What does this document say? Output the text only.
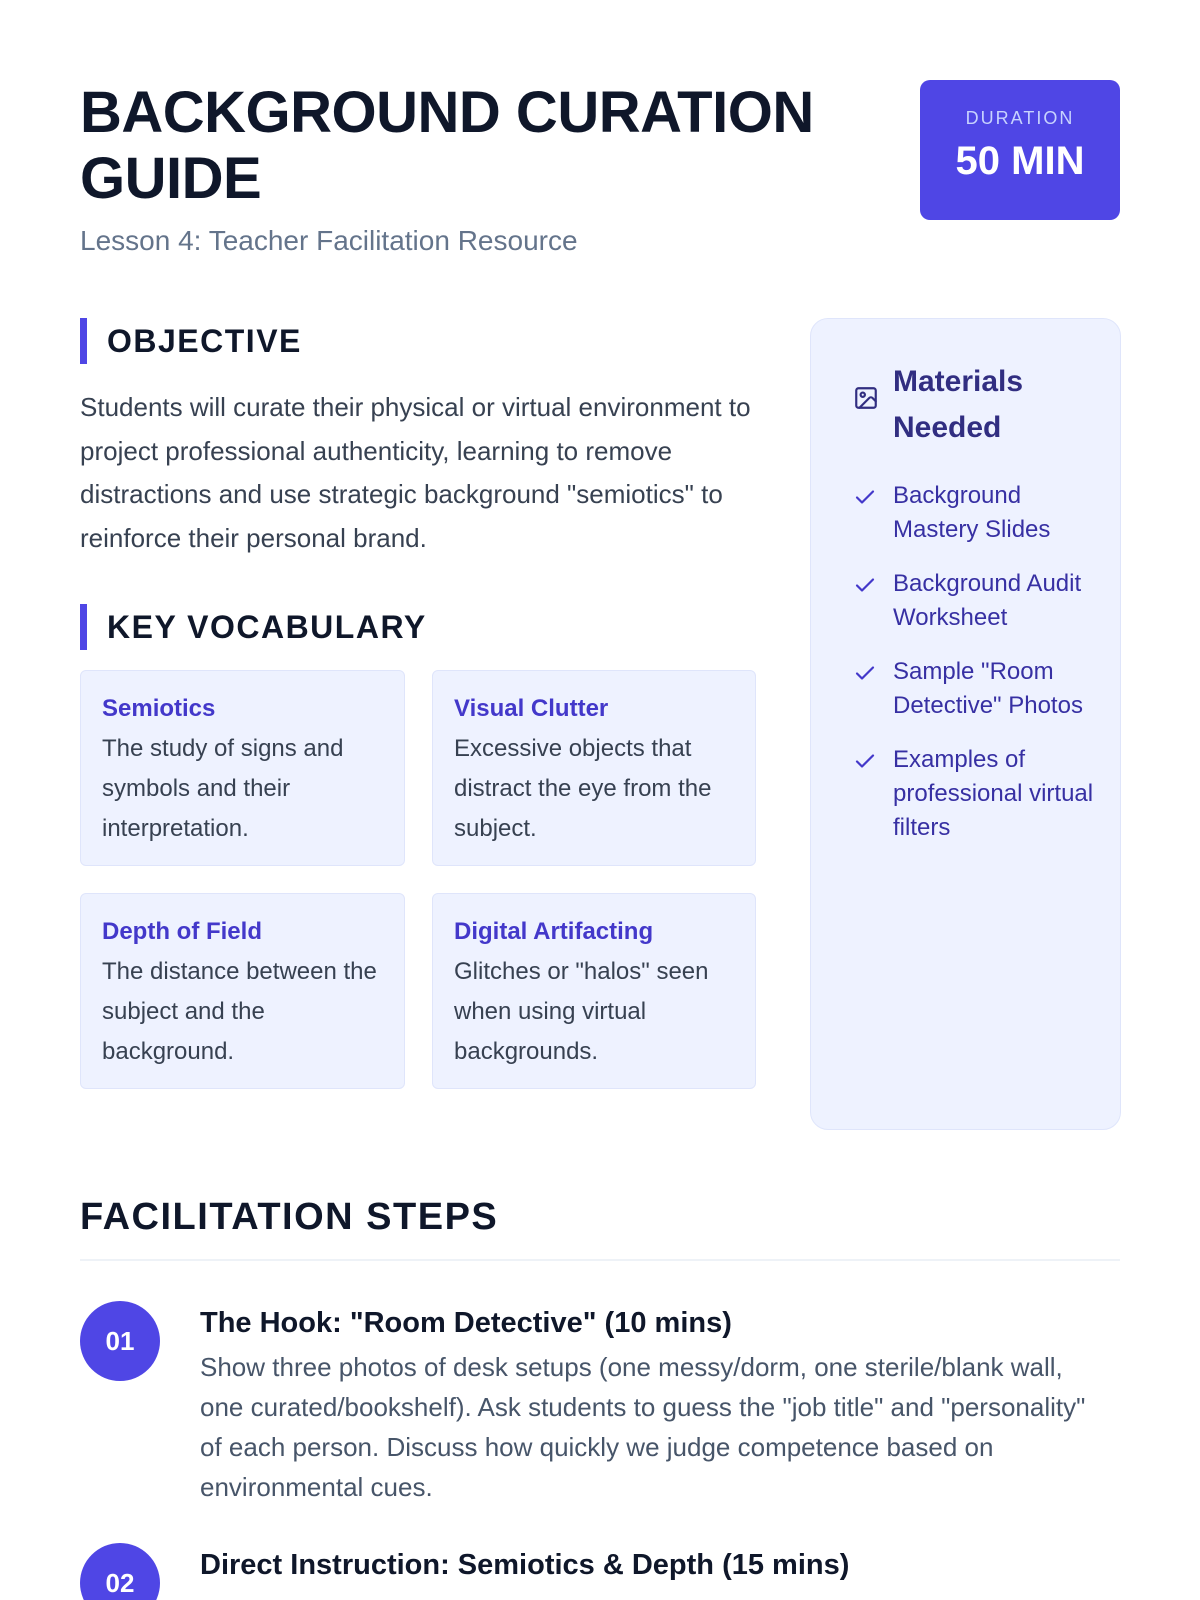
BACKGROUND CURATION GUIDE
Lesson 4: Teacher Facilitation Resource
DURATION
50 MIN
OBJECTIVE
Students will curate their physical or virtual environment to project professional authenticity, learning to remove distractions and use strategic background "semiotics" to reinforce their personal brand.
KEY VOCABULARY
Semiotics
The study of signs and symbols and their interpretation.
Visual Clutter
Excessive objects that distract the eye from the subject.
Depth of Field
The distance between the subject and the background.
Digital Artifacting
Glitches or "halos" seen when using virtual backgrounds.
Materials Needed
Background Mastery Slides
Background Audit Worksheet
Sample "Room Detective" Photos
Examples of professional virtual filters
FACILITATION STEPS
01
The Hook: "Room Detective" (10 mins)
Show three photos of desk setups (one messy/dorm, one sterile/blank wall, one curated/bookshelf). Ask students to guess the "job title" and "personality" of each person. Discuss how quickly we judge competence based on environmental cues.
02
Direct Instruction: Semiotics & Depth (15 mins)
